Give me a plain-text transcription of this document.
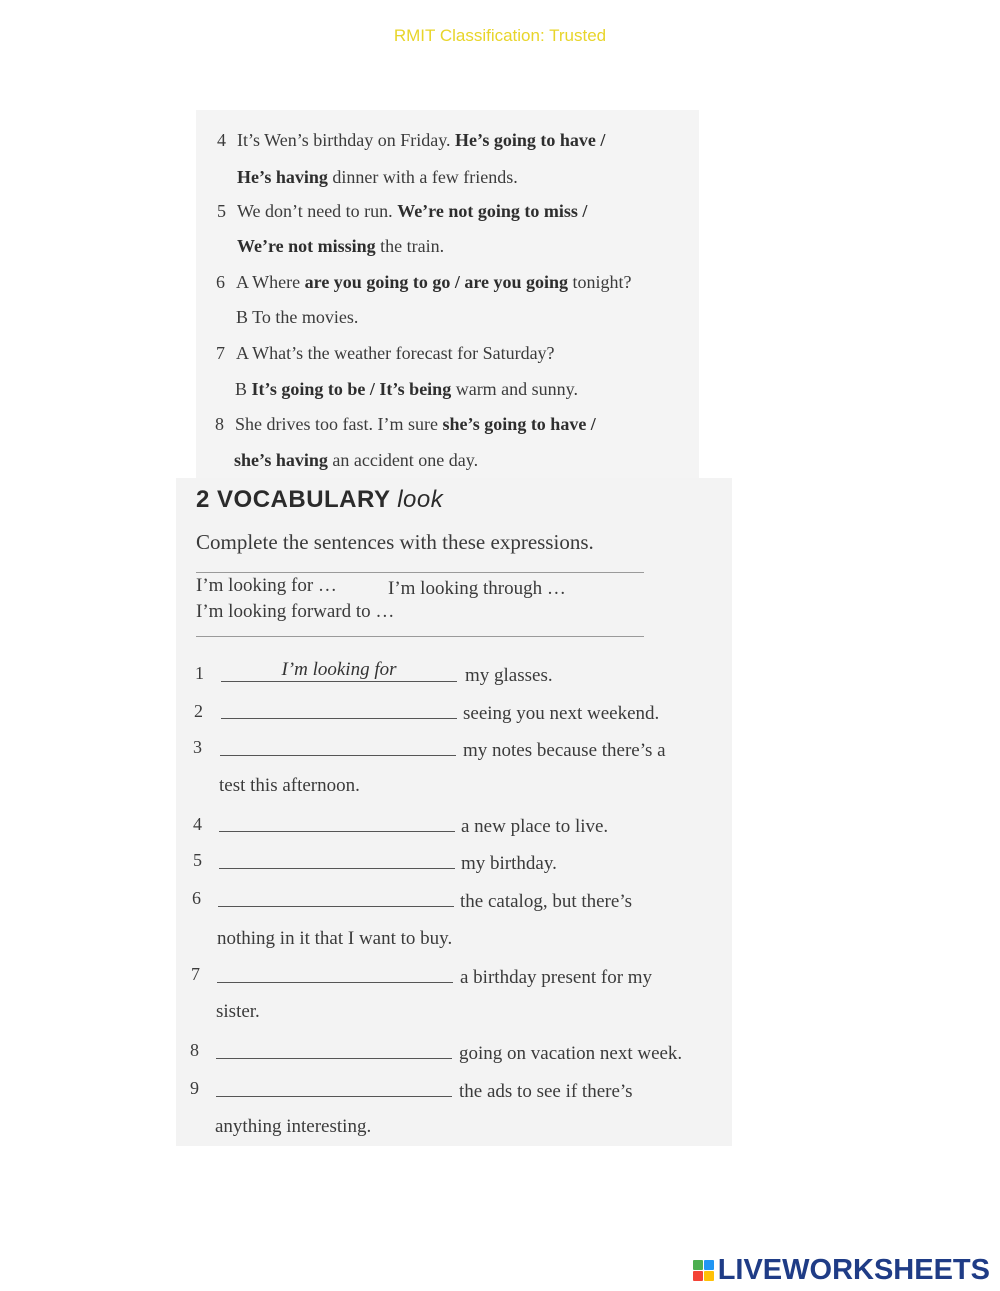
RMIT Classification: Trusted
4 It’s Wen’s birthday on Friday. He’s going to have /
He’s having dinner with a few friends.
5 We don’t need to run. We’re not going to miss /
We’re not missing the train.
6 A Where are you going to go / are you going tonight?
B To the movies.
7 A What’s the weather forecast for Saturday?
B It’s going to be / It’s being warm and sunny.
8 She drives too fast. I’m sure she’s going to have /
she’s having an accident one day.
2 VOCABULARY look
Complete the sentences with these expressions.
I’m looking for …	I’m looking through …
I’m looking forward to …
1	I’m looking for	my glasses.
2	seeing you next weekend.
3	my notes because there’s a
test this afternoon.
4	a new place to live.
5	my birthday.
6	the catalog, but there’s
nothing in it that I want to buy.
7	a birthday present for my
sister.
8	going on vacation next week.
9	the ads to see if there’s
anything interesting.
LIVEWORKSHEETS
